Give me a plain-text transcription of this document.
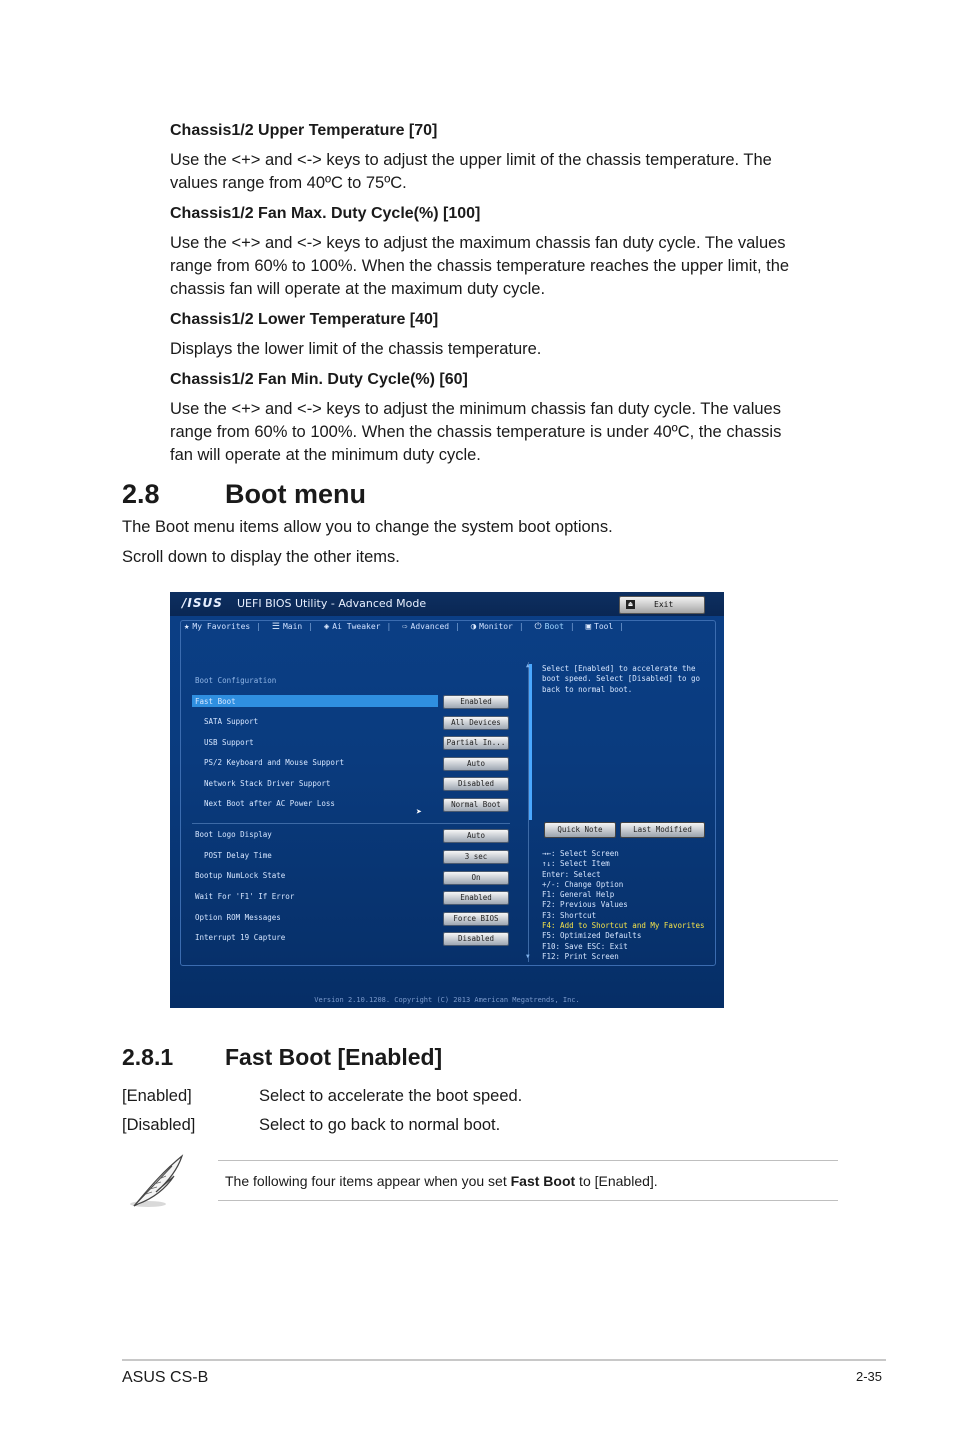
Chassis1/2 Upper Temperature [70]
Use the <+> and <-> keys to adjust the upper limit of the chassis temperature. The
values range from 40ºC to 75ºC.
Chassis1/2 Fan Max. Duty Cycle(%) [100]
Use the <+> and <-> keys to adjust the maximum chassis fan duty cycle. The values
range from 60% to 100%. When the chassis temperature reaches the upper limit, the
chassis fan will operate at the maximum duty cycle.
Chassis1/2 Lower Temperature [40]
Displays the lower limit of the chassis temperature.
Chassis1/2 Fan Min. Duty Cycle(%) [60]
Use the <+> and <-> keys to adjust the minimum chassis fan duty cycle. The values
range from 60% to 100%. When the chassis temperature is under 40ºC, the chassis
fan will operate at the minimum duty cycle.
2.8 Boot menu
The Boot menu items allow you to change the system boot options.
Scroll down to display the other items.
/ISUS UEFI BIOS Utility - Advanced Mode	⏏	Exit
★ My Favorites | ☰ Main | ◈ Ai Tweaker | ⇨ Advanced | ◑ Monitor | ⏻ Boot | ▣ Tool |
Boot Configuration
Fast Boot	Enabled
SATA Support	All Devices
USB Support	Partial In...
PS/2 Keyboard and Mouse Support	Auto
Network Stack Driver Support	Disabled
Next Boot after AC Power Loss	Normal Boot
➤
Boot Logo Display	Auto
POST Delay Time	3 sec
Bootup NumLock State	On
Wait For 'F1' If Error	Enabled
Option ROM Messages	Force BIOS
Interrupt 19 Capture	Disabled
▲
▼
Select [Enabled] to accelerate the
boot speed. Select [Disabled] to go
back to normal boot.
Quick Note	Last Modified
→←: Select Screen
↑↓: Select Item
Enter: Select
+/-: Change Option
F1: General Help
F2: Previous Values
F3: Shortcut
F4: Add to Shortcut and My Favorites
F5: Optimized Defaults
F10: Save ESC: Exit
F12: Print Screen
Version 2.10.1208. Copyright (C) 2013 American Megatrends, Inc.
2.8.1 Fast Boot [Enabled]
[Enabled]	Select to accelerate the boot speed.
[Disabled]	Select to go back to normal boot.
The following four items appear when you set Fast Boot to [Enabled].
ASUS CS-B	2-35
